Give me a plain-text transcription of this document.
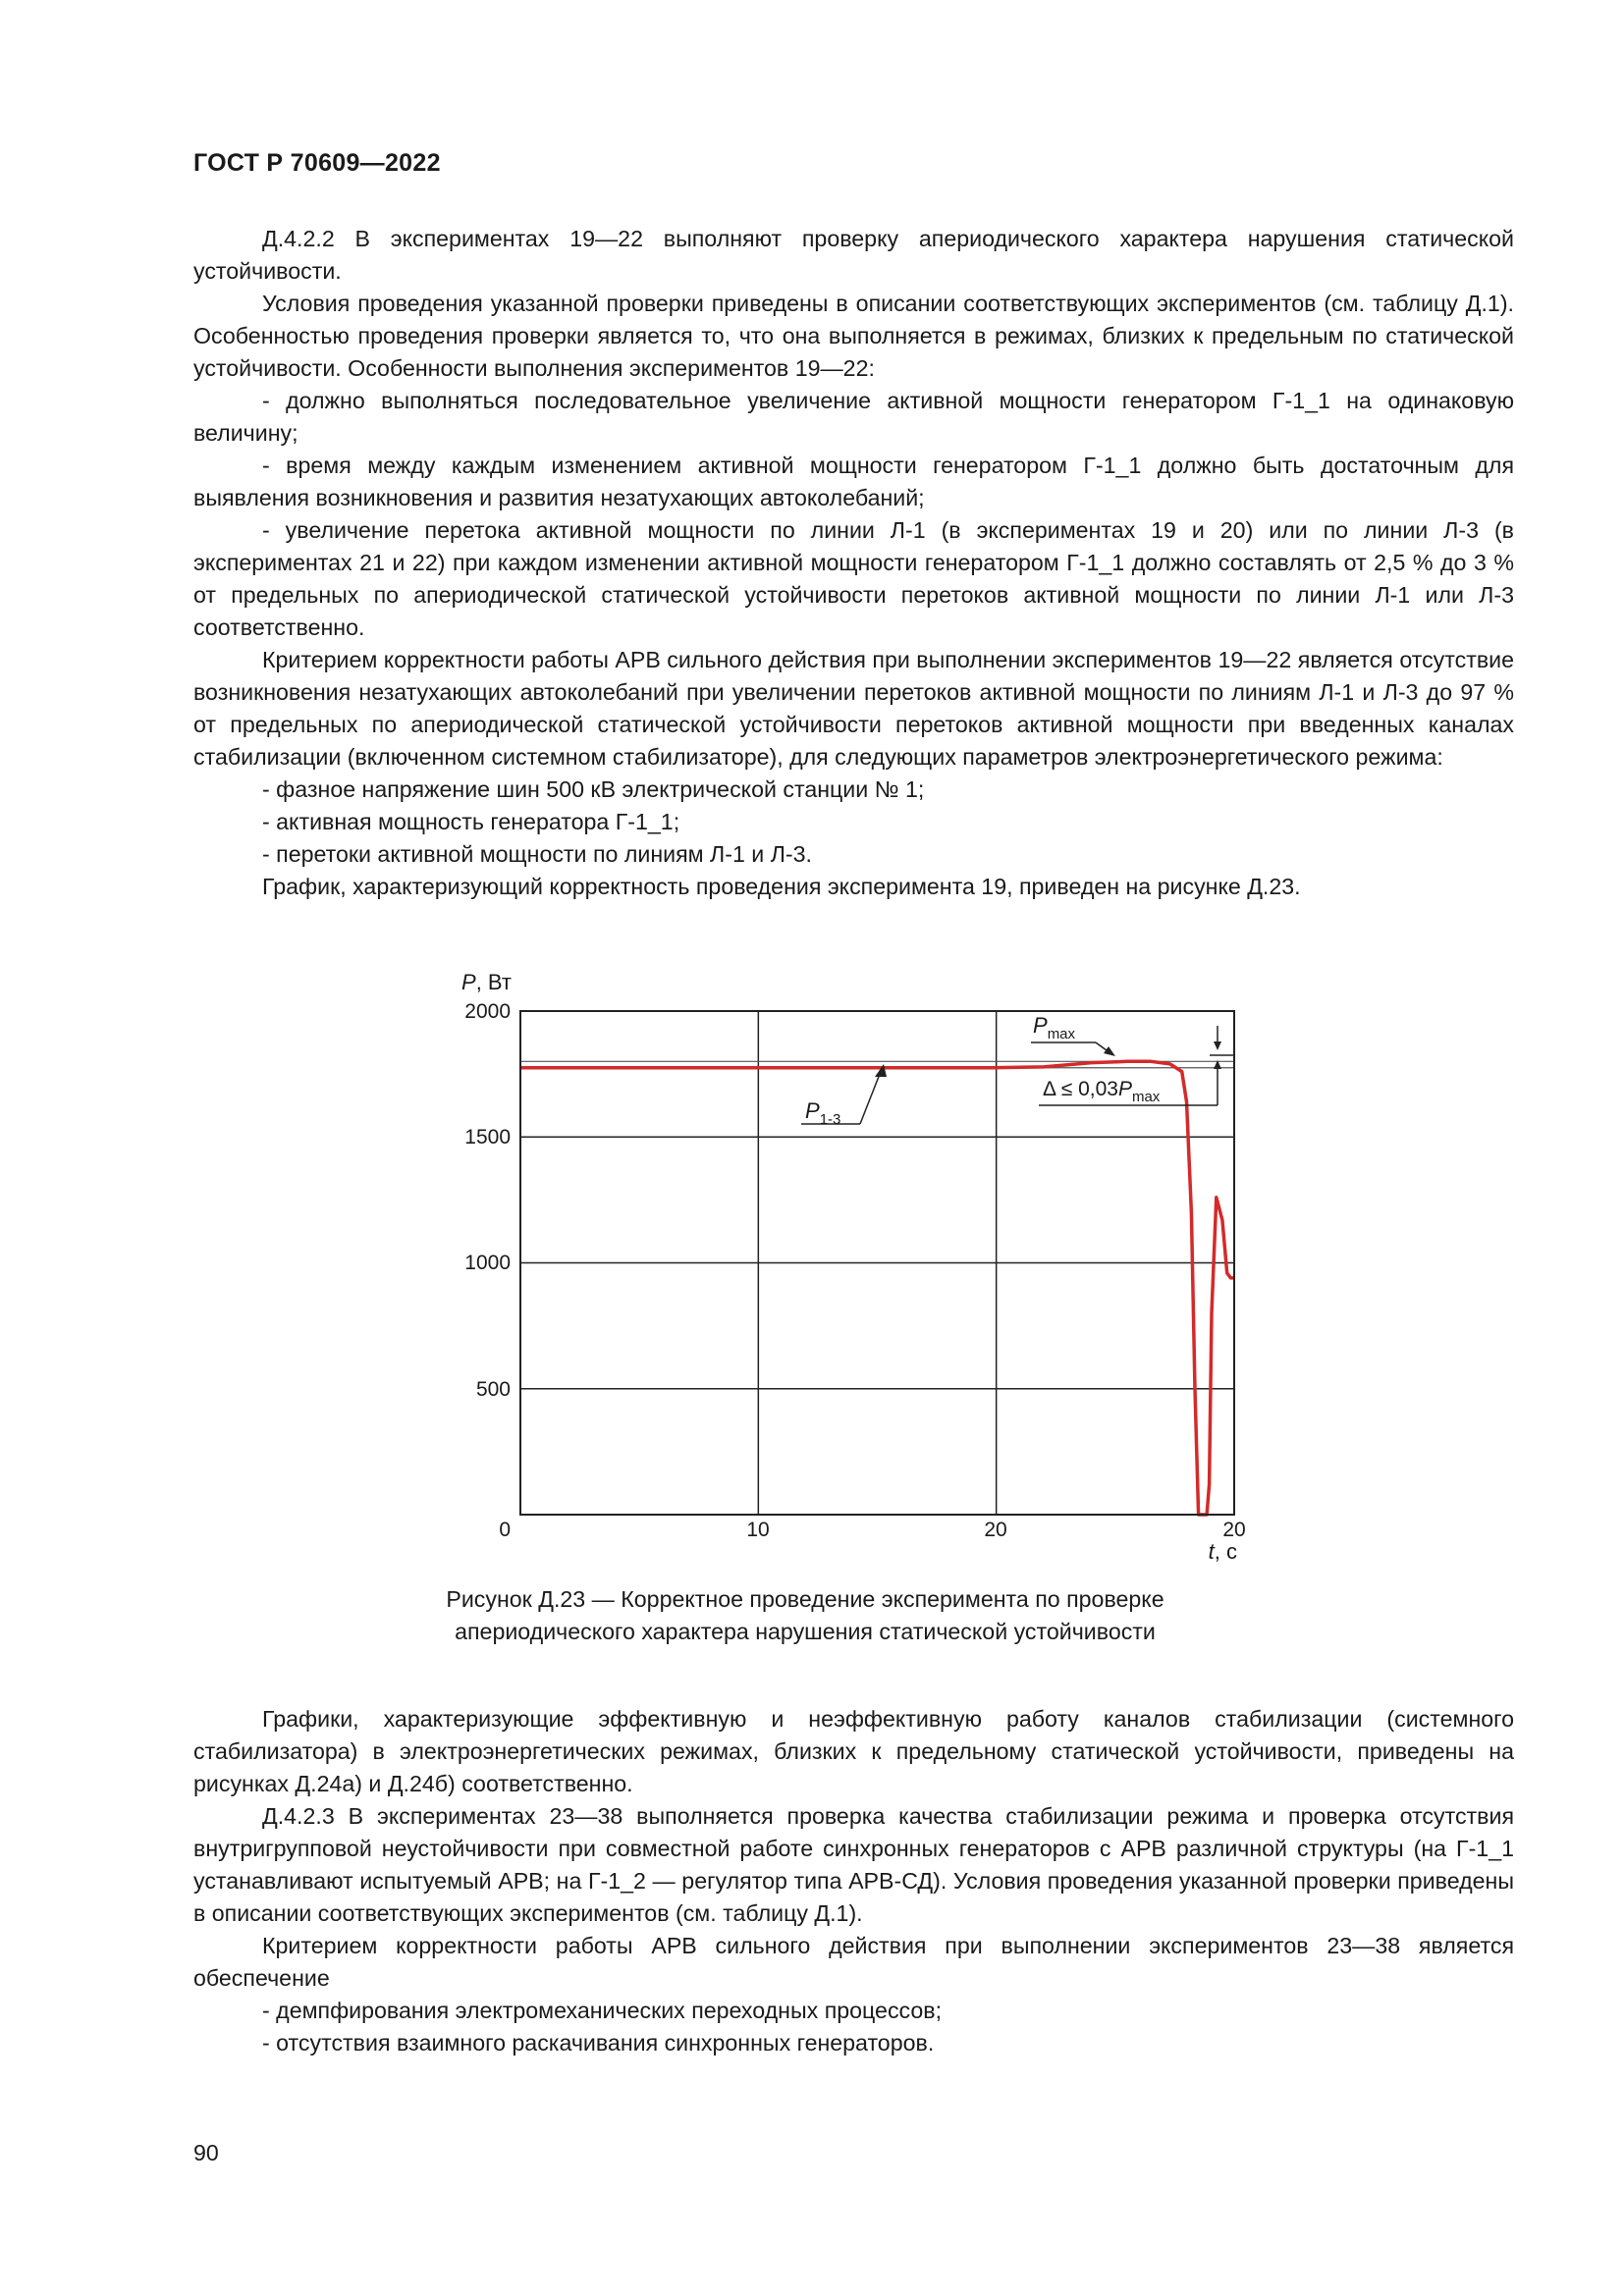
ГОСТ Р 70609—2022

Д.4.2.2 В экспериментах 19—22 выполняют проверку апериодического характера нарушения статической устойчивости.

Условия проведения указанной проверки приведены в описании соответствующих экспериментов (см. таблицу Д.1). Особенностью проведения проверки является то, что она выполняется в режимах, близких к предельным по статической устойчивости. Особенности выполнения экспериментов 19—22:

- должно выполняться последовательное увеличение активной мощности генератором Г-1_1 на одинаковую величину;

- время между каждым изменением активной мощности генератором Г-1_1 должно быть достаточным для выявления возникновения и развития незатухающих автоколебаний;

- увеличение перетока активной мощности по линии Л-1 (в экспериментах 19 и 20) или по линии Л-3 (в экспериментах 21 и 22) при каждом изменении активной мощности генератором Г-1_1 должно составлять от 2,5 % до 3 % от предельных по апериодической статической устойчивости перетоков активной мощности по линии Л-1 или Л-3 соответственно.

Критерием корректности работы АРВ сильного действия при выполнении экспериментов 19—22 является отсутствие возникновения незатухающих автоколебаний при увеличении перетоков активной мощности по линиям Л-1 и Л-3 до 97 % от предельных по апериодической статической устойчивости перетоков активной мощности при введенных каналах стабилизации (включенном системном стабилизаторе), для следующих параметров электроэнергетического режима:

- фазное напряжение шин 500 кВ электрической станции № 1;

- активная мощность генератора Г-1_1;

- перетоки активной мощности по линиям Л-1 и Л-3.

График, характеризующий корректность проведения эксперимента 19, приведен на рисунке Д.23.

P, Вт
t, с
2000
1500
1000
500
0	10	20	20
$P_{1-3}$
$P_{max}$
$\Delta \le 0,03P_{max}$
Рисунок Д.23 — Корректное проведение эксперимента по проверке
апериодического характера нарушения статической устойчивости

Графики, характеризующие эффективную и неэффективную работу каналов стабилизации (системного стабилизатора) в электроэнергетических режимах, близких к предельному статической устойчивости, приведены на рисунках Д.24а) и Д.24б) соответственно.

Д.4.2.3 В экспериментах 23—38 выполняется проверка качества стабилизации режима и проверка отсутствия внутригрупповой неустойчивости при совместной работе синхронных генераторов с АРВ различной структуры (на Г-1_1 устанавливают испытуемый АРВ; на Г-1_2 — регулятор типа АРВ-СД). Условия проведения указанной проверки приведены в описании соответствующих экспериментов (см. таблицу Д.1).

Критерием корректности работы АРВ сильного действия при выполнении экспериментов 23—38 является обеспечение

- демпфирования электромеханических переходных процессов;

- отсутствия взаимного раскачивания синхронных генераторов.

90
